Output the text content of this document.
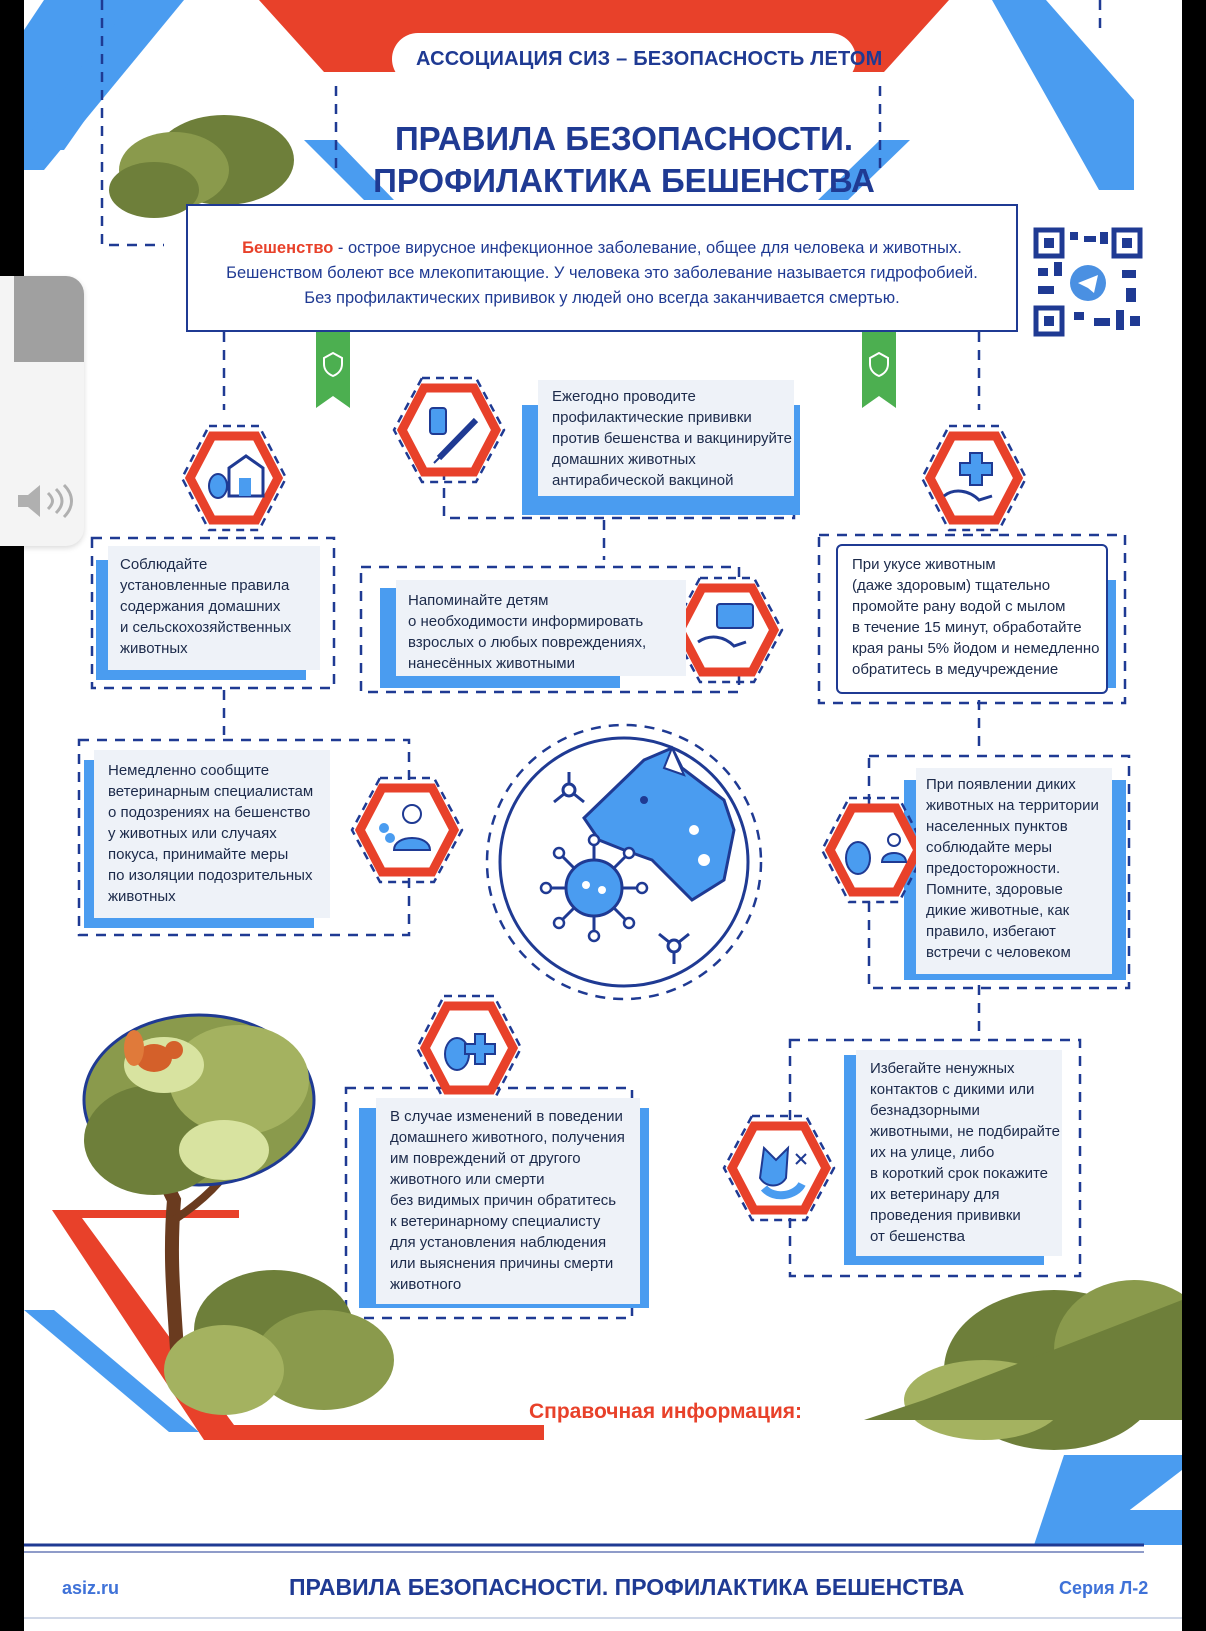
АССОЦИАЦИЯ СИЗ – БЕЗОПАСНОСТЬ ЛЕТОМ
ПРАВИЛА БЕЗОПАСНОСТИ.
ПРОФИЛАКТИКА БЕШЕНСТВА
Бешенство - острое вирусное инфекционное заболевание, общее для человека и животных.
Бешенством болеют все млекопитающие. У человека это заболевание называется гидрофобией.
Без профилактических прививок у людей оно всегда заканчивается смертью.
Ежегодно проводите
профилактические прививки
против бешенства и вакцинируйте
домашних животных
антирабической вакциной
Соблюдайте
установленные правила
содержания домашних
и сельскохозяйственных
животных
Напоминайте детям
о необходимости информировать
взрослых о любых повреждениях,
нанесённых животными
При укусе животным
(даже здоровым) тщательно
промойте рану водой с мылом
в течение 15 минут, обработайте
края раны 5% йодом и немедленно
обратитесь в медучреждение
Немедленно сообщите
ветеринарным специалистам
о подозрениях на бешенство
у животных или случаях
покуса, принимайте меры
по изоляции подозрительных
животных
При появлении диких
животных на территории
населенных пунктов
соблюдайте меры
предосторожности.
Помните, здоровые
дикие животные, как
правило, избегают
встречи с человеком
В случае изменений в поведении
домашнего животного, получения
им повреждений от другого
животного или смерти
без видимых причин обратитесь
к ветеринарному специалисту
для установления наблюдения
или выяснения причины смерти
животного
Избегайте ненужных
контактов с дикими или
безнадзорными
животными, не подбирайте
их на улице, либо
в короткий срок покажите
их ветеринару для
проведения прививки
от бешенства
Справочная информация:
asiz.ru	ПРАВИЛА БЕЗОПАСНОСТИ. ПРОФИЛАКТИКА БЕШЕНСТВА	Серия Л-2
